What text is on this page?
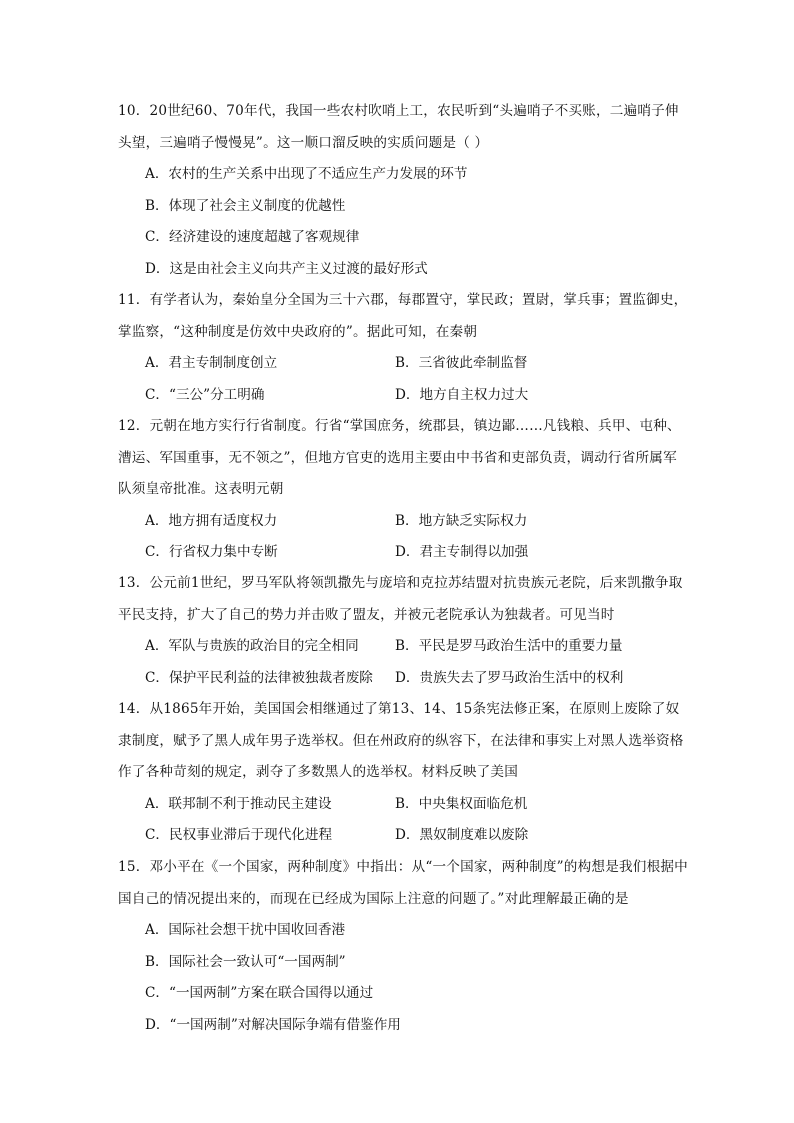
10．20世纪60、70年代，我国一些农村吹哨上工，农民听到“头遍哨子不买账，二遍哨子伸头望，三遍哨子慢慢晃”。这一顺口溜反映的实质问题是（ ）
A．农村的生产关系中出现了不适应生产力发展的环节
B．体现了社会主义制度的优越性
C．经济建设的速度超越了客观规律
D．这是由社会主义向共产主义过渡的最好形式
11．有学者认为，秦始皇分全国为三十六郡，每郡置守，掌民政；置尉，掌兵事；置监御史，掌监察，“这种制度是仿效中央政府的”。据此可知，在秦朝
A．君主专制制度创立	B．三省彼此牵制监督
C．“三公”分工明确	D．地方自主权力过大
12．元朝在地方实行行省制度。行省“掌国庶务，统郡县，镇边鄙……凡钱粮、兵甲、屯种、漕运、军国重事，无不领之”，但地方官吏的选用主要由中书省和吏部负责，调动行省所属军队须皇帝批准。这表明元朝
A．地方拥有适度权力	B．地方缺乏实际权力
C．行省权力集中专断	D．君主专制得以加强
13．公元前1世纪，罗马军队将领凯撒先与庞培和克拉苏结盟对抗贵族元老院，后来凯撒争取平民支持，扩大了自己的势力并击败了盟友，并被元老院承认为独裁者。可见当时
A．军队与贵族的政治目的完全相同	B．平民是罗马政治生活中的重要力量
C．保护平民利益的法律被独裁者废除	D．贵族失去了罗马政治生活中的权利
14．从1865年开始，美国国会相继通过了第13、14、15条宪法修正案，在原则上废除了奴隶制度，赋予了黑人成年男子选举权。但在州政府的纵容下，在法律和事实上对黑人选举资格作了各种苛刻的规定，剥夺了多数黑人的选举权。材料反映了美国
A．联邦制不利于推动民主建设	B．中央集权面临危机
C．民权事业滞后于现代化进程	D．黑奴制度难以废除
15．邓小平在《一个国家，两种制度》中指出：从“一个国家，两种制度”的构想是我们根据中国自己的情况提出来的，而现在已经成为国际上注意的问题了。”对此理解最正确的是
A．国际社会想干扰中国收回香港
B．国际社会一致认可“一国两制”
C．“一国两制”方案在联合国得以通过
D．“一国两制”对解决国际争端有借鉴作用
